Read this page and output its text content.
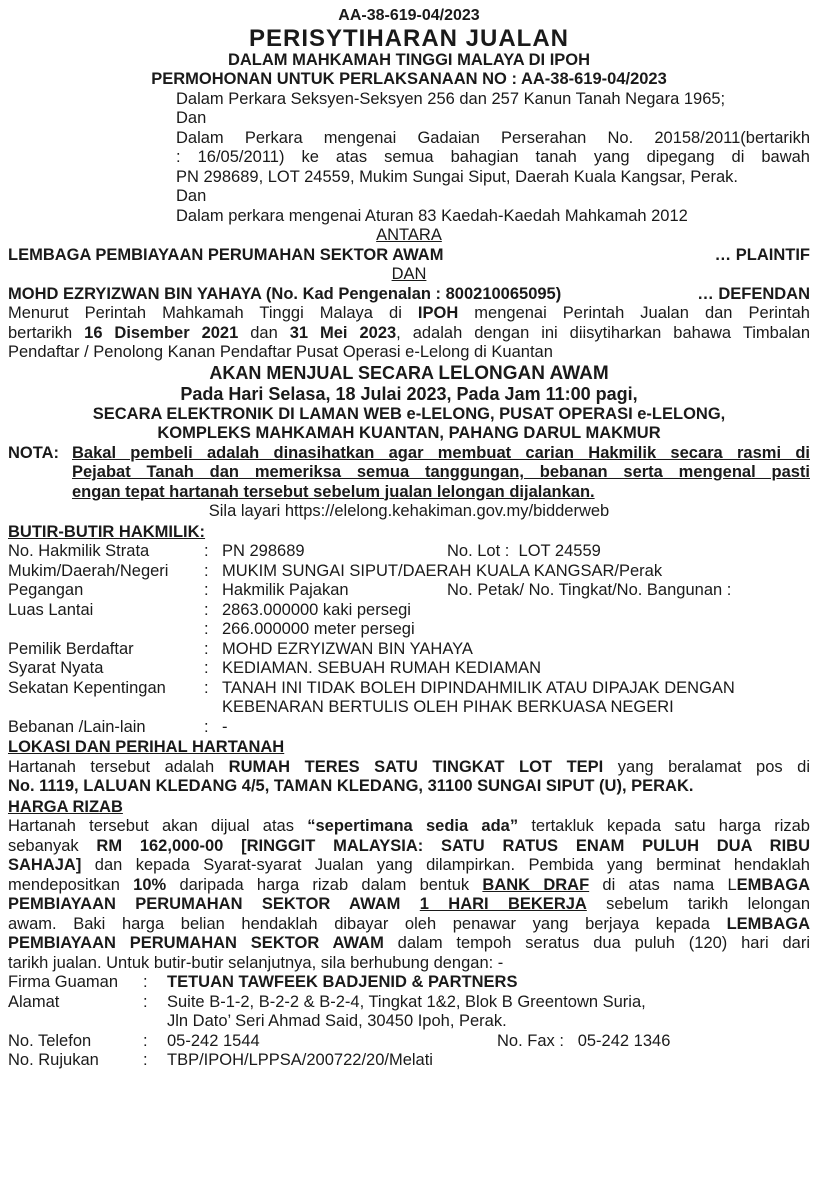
AA-38-619-04/2023
PERISYTIHARAN JUALAN
DALAM MAHKAMAH TINGGI MALAYA DI IPOH
PERMOHONAN UNTUK PERLAKSANAAN NO : AA-38-619-04/2023
Dalam Perkara Seksyen-Seksyen 256 dan 257 Kanun Tanah Negara 1965;
Dan
Dalam Perkara mengenai Gadaian Perserahan No. 20158/2011(bertarikh
: 16/05/2011) ke atas semua bahagian tanah yang dipegang di bawah
PN 298689, LOT 24559, Mukim Sungai Siput, Daerah Kuala Kangsar, Perak.
Dan
Dalam perkara mengenai Aturan 83 Kaedah-Kaedah Mahkamah 2012
ANTARA
LEMBAGA PEMBIAYAAN PERUMAHAN SEKTOR AWAM	… PLAINTIF
DAN
MOHD EZRYIZWAN BIN YAHAYA (No. Kad Pengenalan : 800210065095)	… DEFENDAN
Menurut Perintah Mahkamah Tinggi Malaya di IPOH mengenai Perintah Jualan dan Perintah
bertarikh 16 Disember 2021 dan 31 Mei 2023, adalah dengan ini diisytiharkan bahawa Timbalan
Pendaftar / Penolong Kanan Pendaftar Pusat Operasi e-Lelong di Kuantan
AKAN MENJUAL SECARA LELONGAN AWAM
Pada Hari Selasa, 18 Julai 2023, Pada Jam 11:00 pagi,
SECARA ELEKTRONIK DI LAMAN WEB e-LELONG, PUSAT OPERASI e-LELONG,
KOMPLEKS MAHKAMAH KUANTAN, PAHANG DARUL MAKMUR
NOTA: Bakal pembeli adalah dinasihatkan agar membuat carian Hakmilik secara rasmi di
Pejabat Tanah dan memeriksa semua tanggungan, bebanan serta mengenal pasti
engan tepat hartanah tersebut sebelum jualan lelongan dijalankan.
Sila layari https://elelong.kehakiman.gov.my/bidderweb
BUTIR-BUTIR HAKMILIK:
No. Hakmilik Strata	: PN 298689	No. Lot : LOT 24559
Mukim/Daerah/Negeri	: MUKIM SUNGAI SIPUT/DAERAH KUALA KANGSAR/Perak
Pegangan	: Hakmilik Pajakan	No. Petak/ No. Tingkat/No. Bangunan :
Luas Lantai	: 2863.000000 kaki persegi
: 266.000000 meter persegi
Pemilik Berdaftar	: MOHD EZRYIZWAN BIN YAHAYA
Syarat Nyata	: KEDIAMAN. SEBUAH RUMAH KEDIAMAN
Sekatan Kepentingan	: TANAH INI TIDAK BOLEH DIPINDAHMILIK ATAU DIPAJAK DENGAN
KEBENARAN BERTULIS OLEH PIHAK BERKUASA NEGERI
Bebanan /Lain-lain	: -
LOKASI DAN PERIHAL HARTANAH
Hartanah tersebut adalah RUMAH TERES SATU TINGKAT LOT TEPI yang beralamat pos di
No. 1119, LALUAN KLEDANG 4/5, TAMAN KLEDANG, 31100 SUNGAI SIPUT (U), PERAK.
HARGA RIZAB
Hartanah tersebut akan dijual atas “sepertimana sedia ada” tertakluk kepada satu harga rizab
sebanyak RM 162,000-00 [RINGGIT MALAYSIA: SATU RATUS ENAM PULUH DUA RIBU
SAHAJA] dan kepada Syarat-syarat Jualan yang dilampirkan. Pembida yang berminat hendaklah
mendepositkan 10% daripada harga rizab dalam bentuk BANK DRAF di atas nama LEMBAGA
PEMBIAYAAN PERUMAHAN SEKTOR AWAM 1 HARI BEKERJA sebelum tarikh lelongan
awam. Baki harga belian hendaklah dibayar oleh penawar yang berjaya kepada LEMBAGA
PEMBIAYAAN PERUMAHAN SEKTOR AWAM dalam tempoh seratus dua puluh (120) hari dari
tarikh jualan. Untuk butir-butir selanjutnya, sila berhubung dengan: -
Firma Guaman	:	TETUAN TAWFEEK BADJENID & PARTNERS
Alamat	:	Suite B-1-2, B-2-2 & B-2-4, Tingkat 1&2, Blok B Greentown Suria,
Jln Dato’ Seri Ahmad Said, 30450 Ipoh, Perak.
No. Telefon	:	05-242 1544	No. Fax : 05-242 1346
No. Rujukan	:	TBP/IPOH/LPPSA/200722/20/Melati
